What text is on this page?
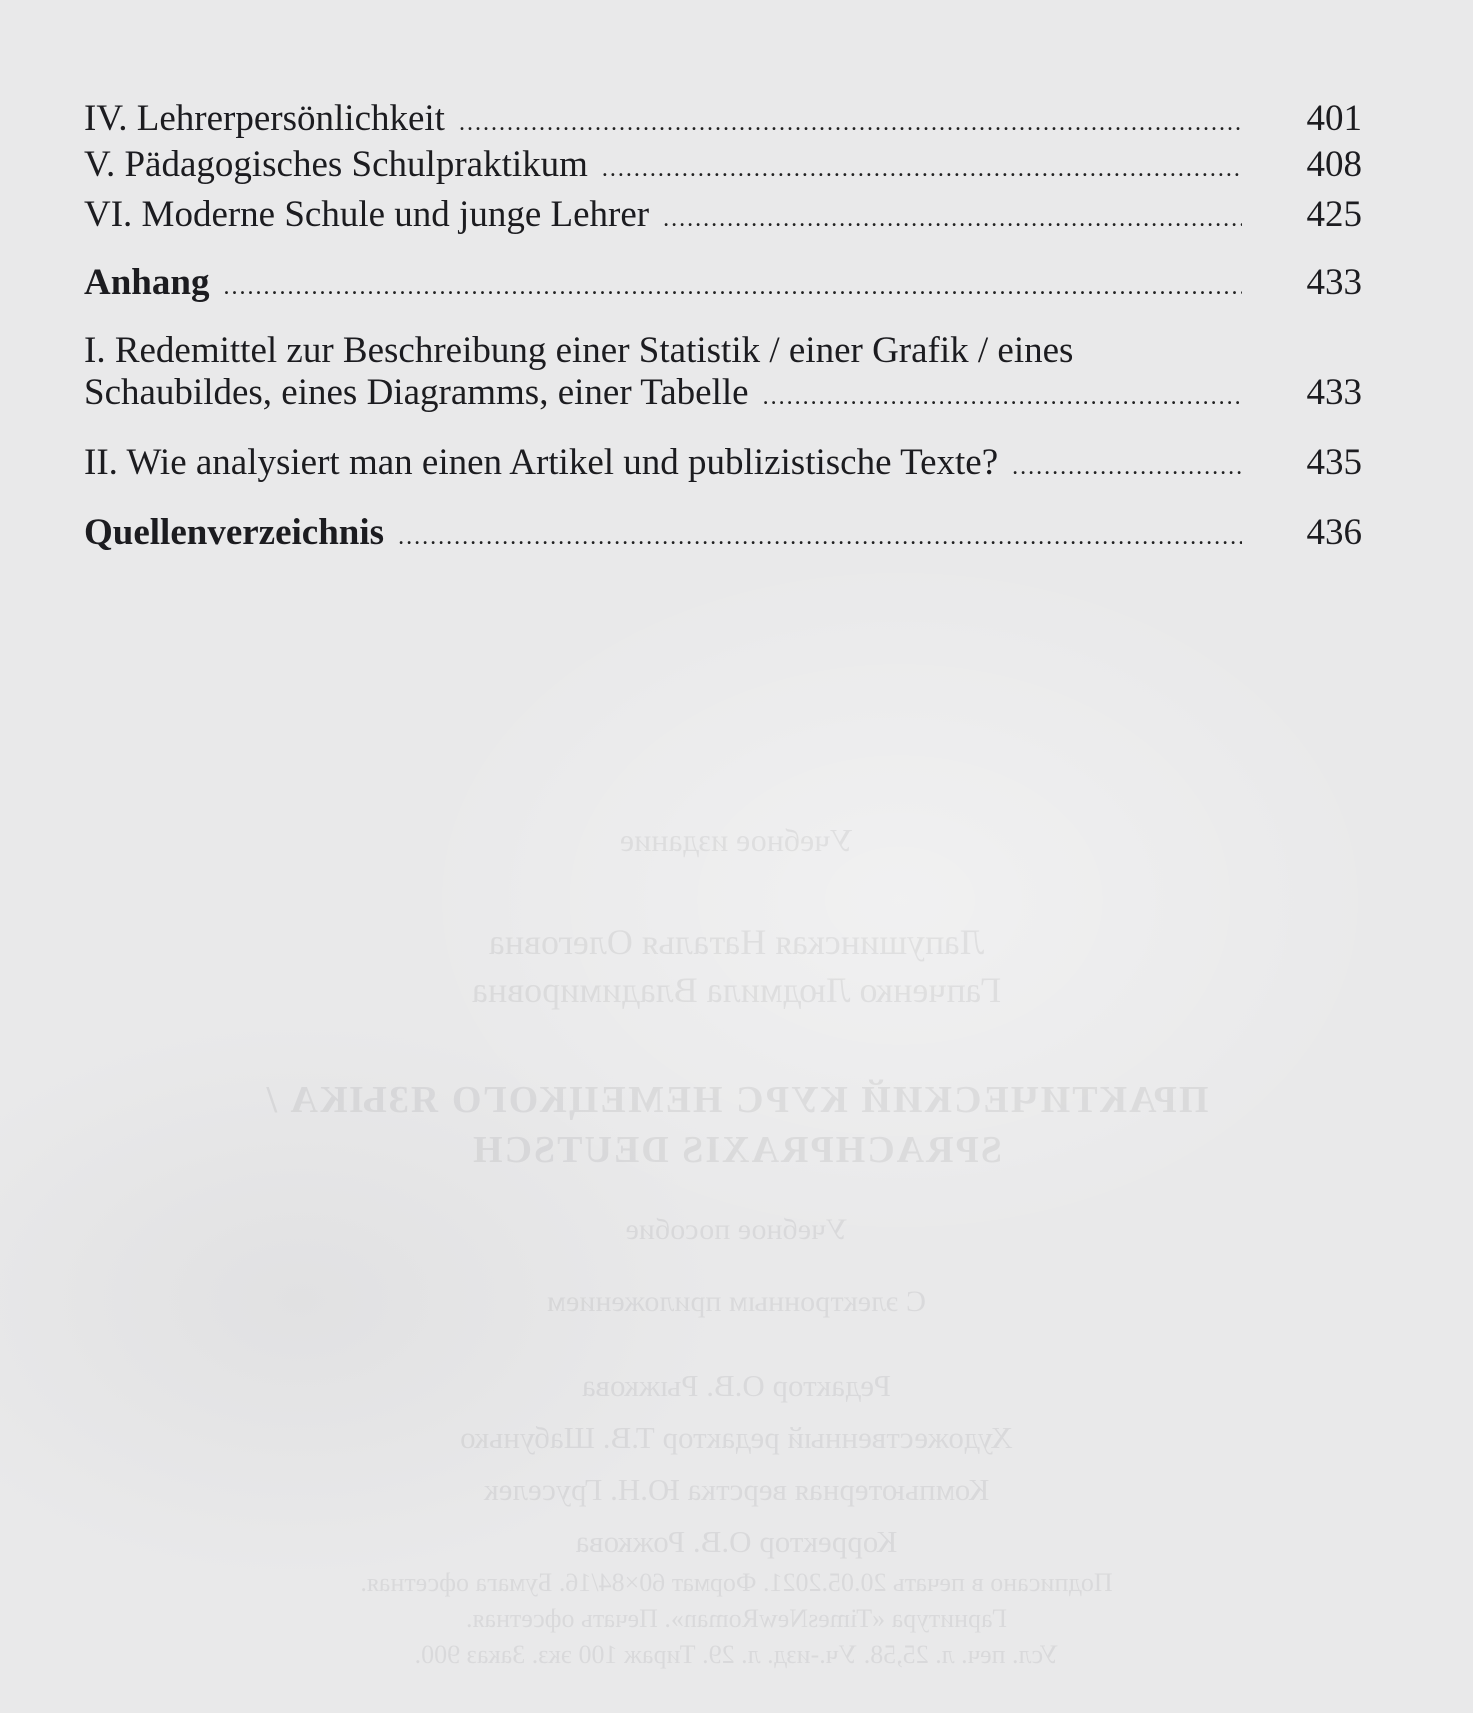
IV. Lehrerpersönlichkeit .....	401
V. Pädagogisches Schulpraktikum .....	408
VI. Moderne Schule und junge Lehrer .....	425
Anhang .....	433
I. Redemittel zur Beschreibung einer Statistik / einer Grafik / eines
Schaubildes, eines Diagramms, einer Tabelle .....	433
II. Wie analysiert man einen Artikel und publizistische Texte? .....	435
Quellenverzeichnis .....	436
Учебное издание
Лапушинская Наталья Олеговна
Гапченко Людмила Владимировна
ПРАКТИЧЕСКИЙ КУРС НЕМЕЦКОГО ЯЗЫКА /
SPRACHPRAXIS DEUTSCH
Учебное пособие
С электронным приложением
Редактор О.В. Рыжкова
Художественный редактор Т.В. Шабунько
Компьютерная верстка Ю.Н. Груселек
Корректор О.В. Рожкова
Подписано в печать 20.05.2021. Формат 60×84/16. Бумага офсетная.
Гарнитура «TimesNewRoman». Печать офсетная.
Усл. печ. л. 25,58. Уч.-изд. л. 29. Тираж 100 экз. Заказ 900.
